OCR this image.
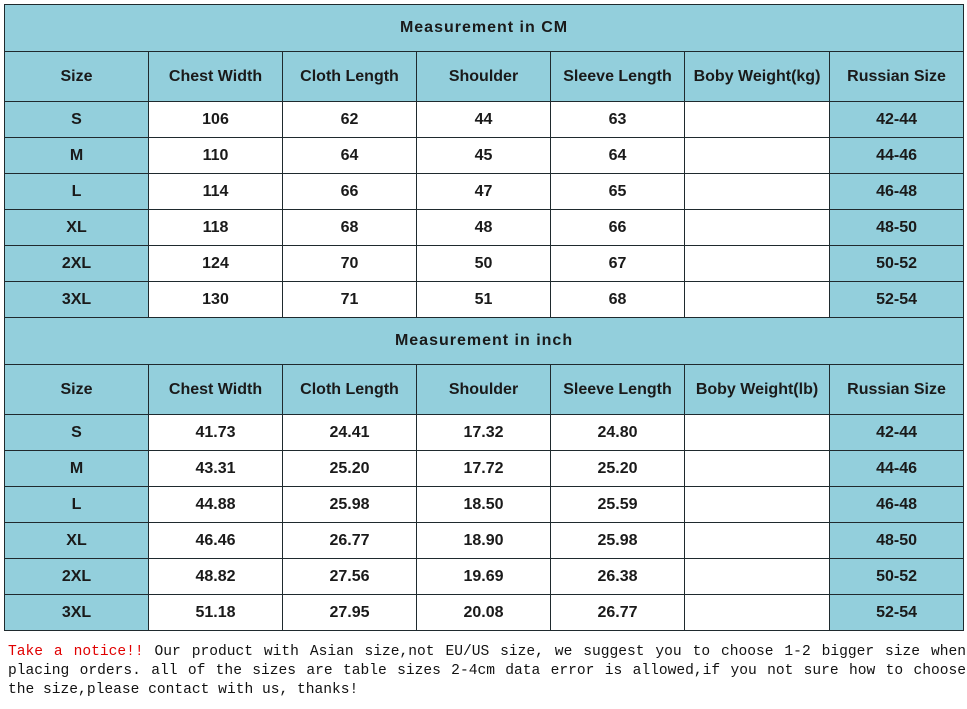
Measurement in CM						
Size	Chest Width	Cloth Length	Shoulder	Sleeve Length	Boby Weight(kg)	Russian Size
S	106	62	44	63		42-44
M	110	64	45	64		44-46
L	114	66	47	65		46-48
XL	118	68	48	66		48-50
2XL	124	70	50	67		50-52
3XL	130	71	51	68		52-54
Measurement in inch						
Size	Chest Width	Cloth Length	Shoulder	Sleeve Length	Boby Weight(lb)	Russian Size
S	41.73	24.41	17.32	24.80		42-44
M	43.31	25.20	17.72	25.20		44-46
L	44.88	25.98	18.50	25.59		46-48
XL	46.46	26.77	18.90	25.98		48-50
2XL	48.82	27.56	19.69	26.38		50-52
3XL	51.18	27.95	20.08	26.77		52-54
Take a notice!! Our product with Asian size,not EU/US size, we suggest you to choose 1-2 bigger size when placing orders. all of the sizes are table sizes 2-4cm data error is allowed,if you not sure how to choose the size,please contact with us, thanks!
